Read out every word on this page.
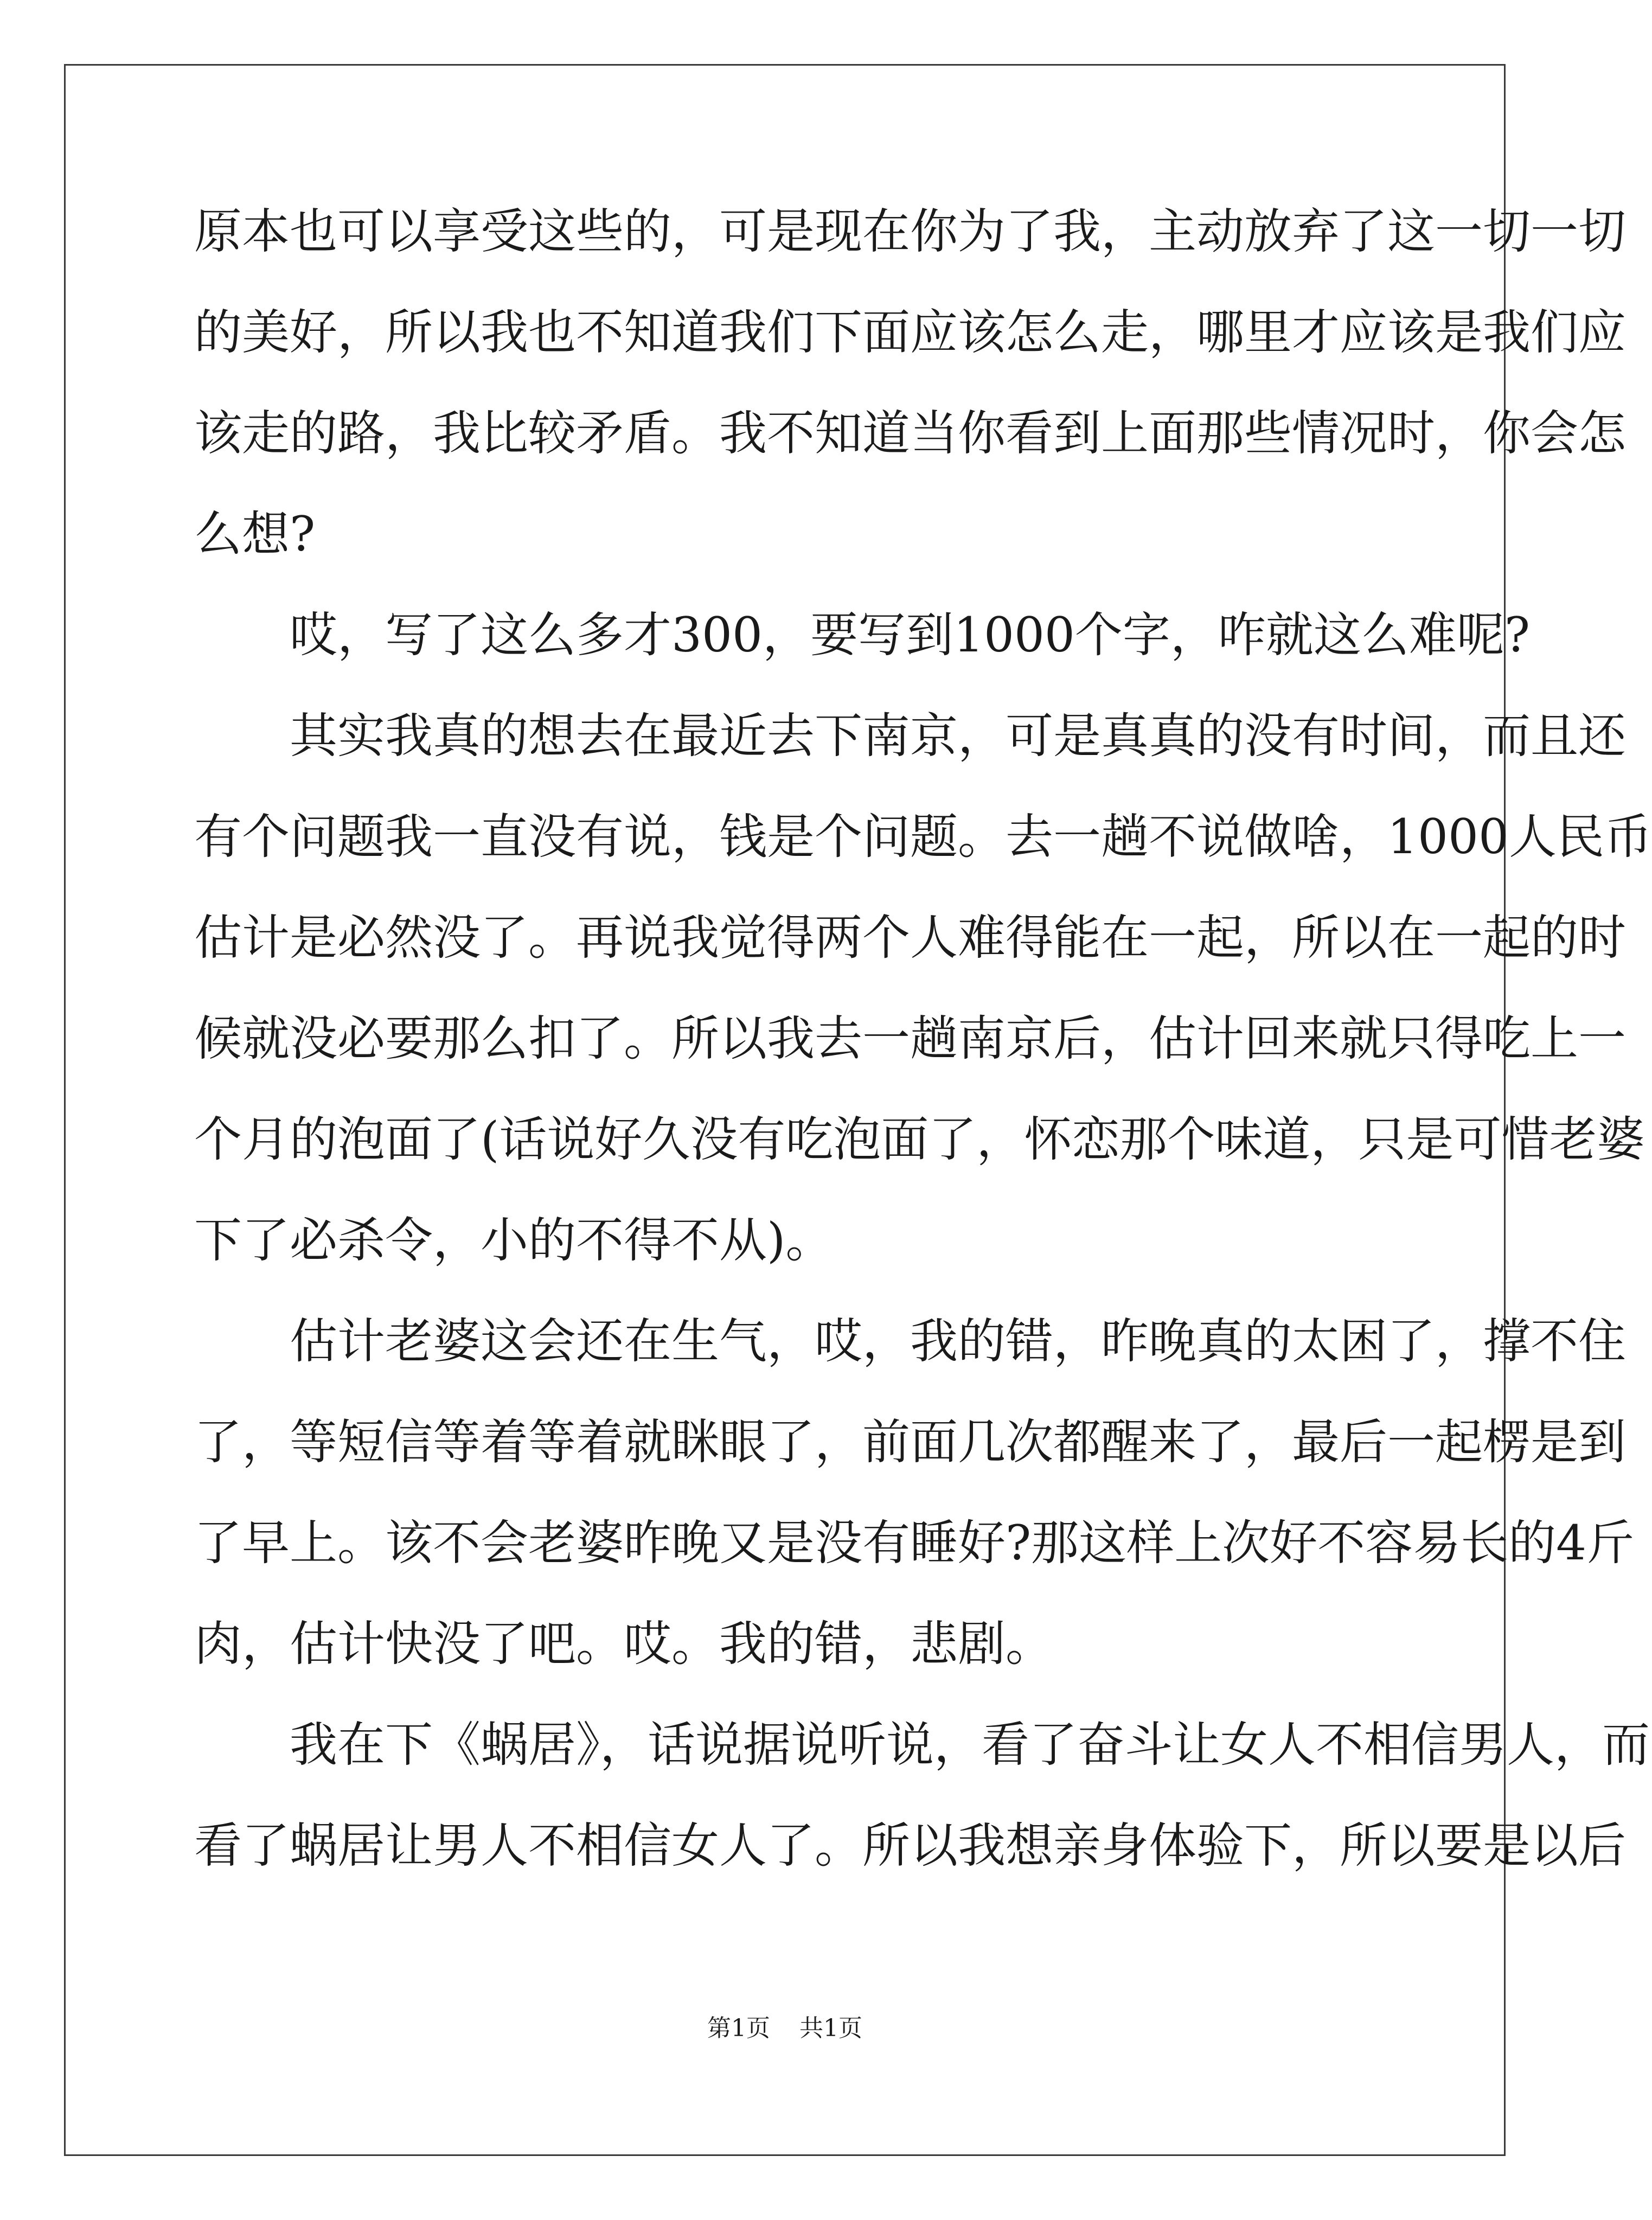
原本也可以享受这些的，可是现在你为了我，主动放弃了这一切一切
的美好，所以我也不知道我们下面应该怎么走，哪里才应该是我们应
该走的路，我比较矛盾。我不知道当你看到上面那些情况时，你会怎
么想?
　　哎，写了这么多才300，要写到1000个字，咋就这么难呢?
　　其实我真的想去在最近去下南京，可是真真的没有时间，而且还
有个问题我一直没有说，钱是个问题。去一趟不说做啥，1000人民币
估计是必然没了。再说我觉得两个人难得能在一起，所以在一起的时
候就没必要那么扣了。所以我去一趟南京后，估计回来就只得吃上一
个月的泡面了(话说好久没有吃泡面了，怀恋那个味道，只是可惜老婆
下了必杀令，小的不得不从)。
　　估计老婆这会还在生气，哎，我的错，昨晚真的太困了，撑不住
了，等短信等着等着就眯眼了，前面几次都醒来了，最后一起楞是到
了早上。该不会老婆昨晚又是没有睡好?那这样上次好不容易长的4斤
肉，估计快没了吧。哎。我的错，悲剧。
　　我在下《蜗居》，话说据说听说，看了奋斗让女人不相信男人，而
看了蜗居让男人不相信女人了。所以我想亲身体验下，所以要是以后
第1页 共1页
